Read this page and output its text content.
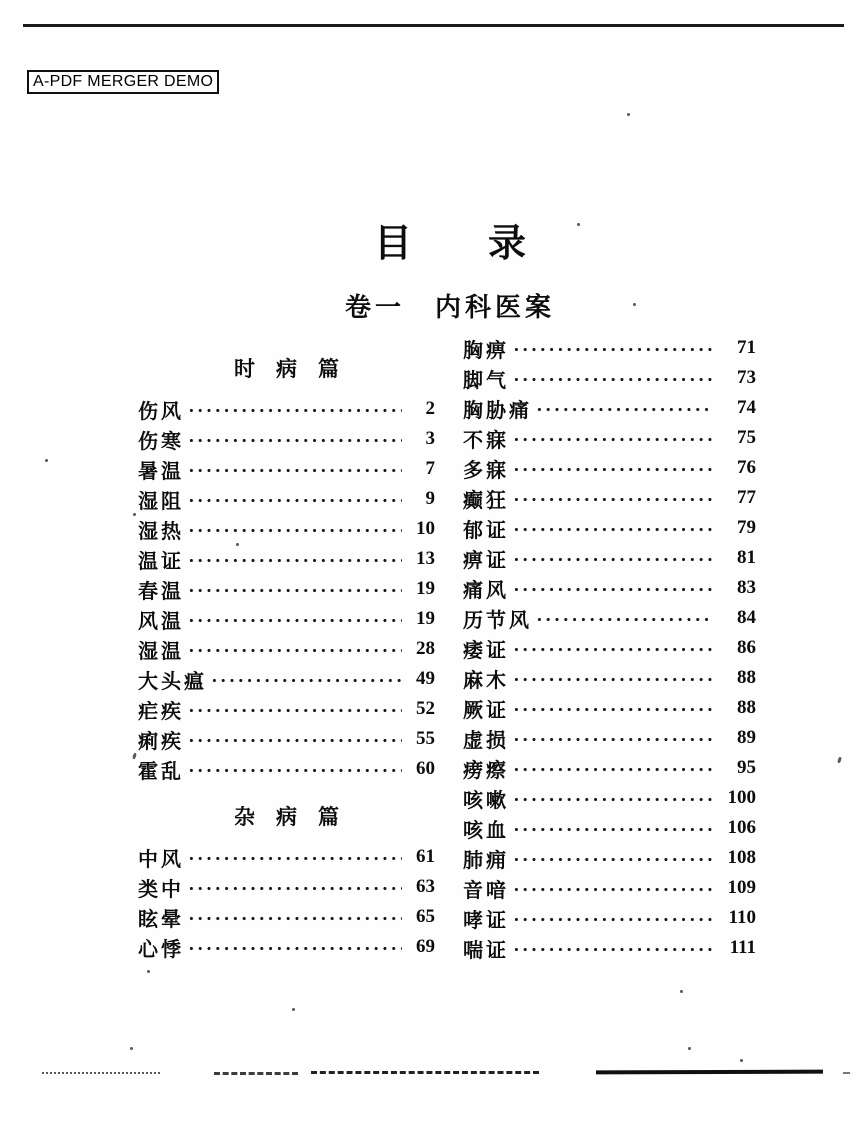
A-PDF MERGER DEMO
目　　录
卷一　内科医案
时　病　篇
伤风	2
伤寒	3
暑温	7
湿阻	9
湿热	10
温证	13
春温	19
风温	19
湿温	28
大头瘟	49
疟疾	52
痢疾	55
霍乱	60
杂　病　篇
中风	61
类中	63
眩晕	65
心悸	69
胸痹	71
脚气	73
胸胁痛	74
不寐	75
多寐	76
癫狂	77
郁证	79
痹证	81
痛风	83
历节风	84
痿证	86
麻木	88
厥证	88
虚损	89
痨瘵	95
咳嗽	100
咳血	106
肺痈	108
音喑	109
哮证	110
喘证	111
